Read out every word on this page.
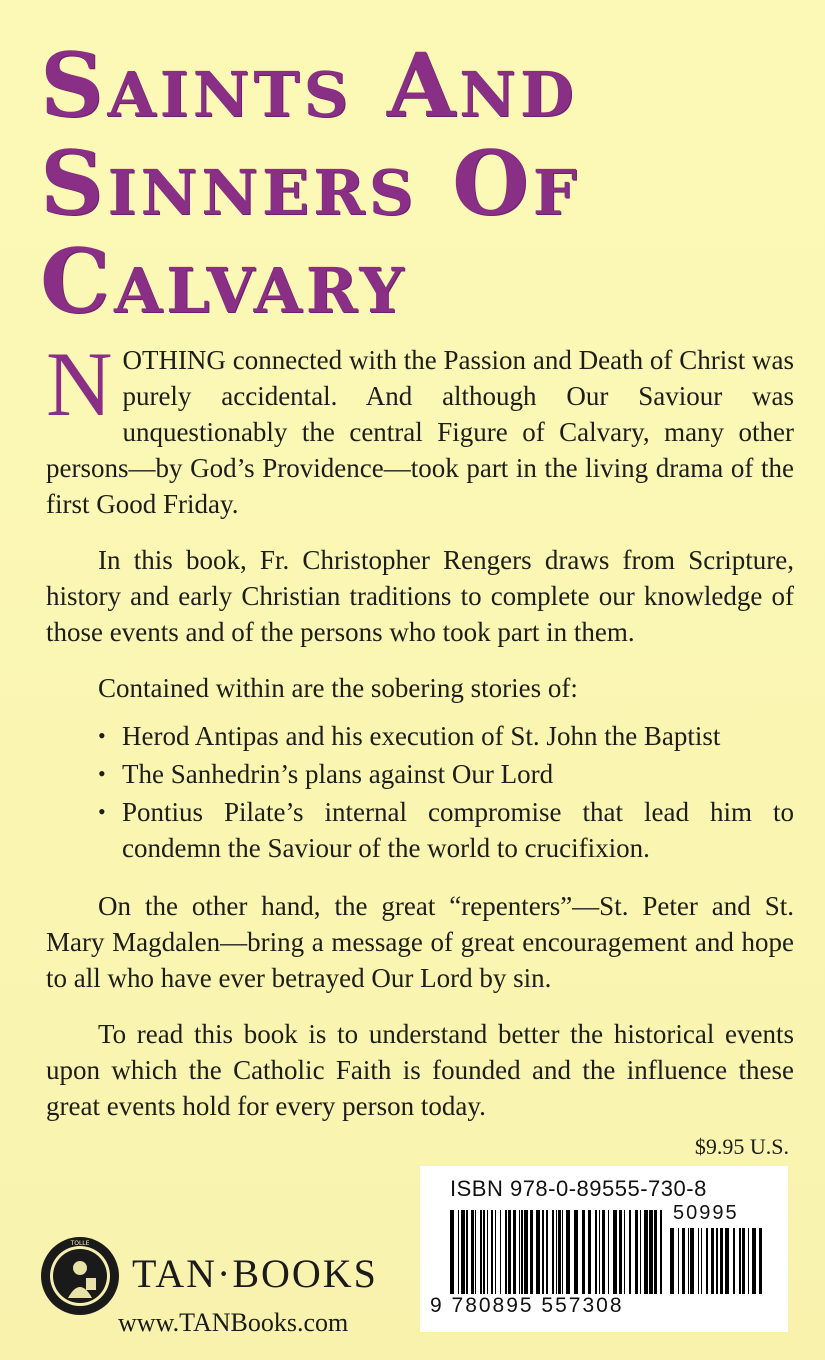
Saints And
Sinners Of
Calvary

NOTHING connected with the Passion and Death of Christ was purely accidental. And although Our Saviour was unquestionably the central Figure of Calvary, many other persons—by God’s Providence—took part in the living drama of the first Good Friday.

In this book, Fr. Christopher Rengers draws from Scripture, history and early Christian traditions to complete our knowledge of those events and of the persons who took part in them.

Contained within are the sobering stories of:

• Herod Antipas and his execution of St. John the Baptist
• The Sanhedrin’s plans against Our Lord
• Pontius Pilate’s internal compromise that lead him to condemn the Saviour of the world to crucifixion.

On the other hand, the great “repenters”—St. Peter and St. Mary Magdalen—bring a message of great encouragement and hope to all who have ever betrayed Our Lord by sin.

To read this book is to understand better the historical events upon which the Catholic Faith is founded and the influence these great events hold for every person today.

$9.95 U.S.
ISBN 978-0-89555-730-8
50995
9 780895 557308
TOLLE
TAN·BOOKS
www.TANBooks.com
